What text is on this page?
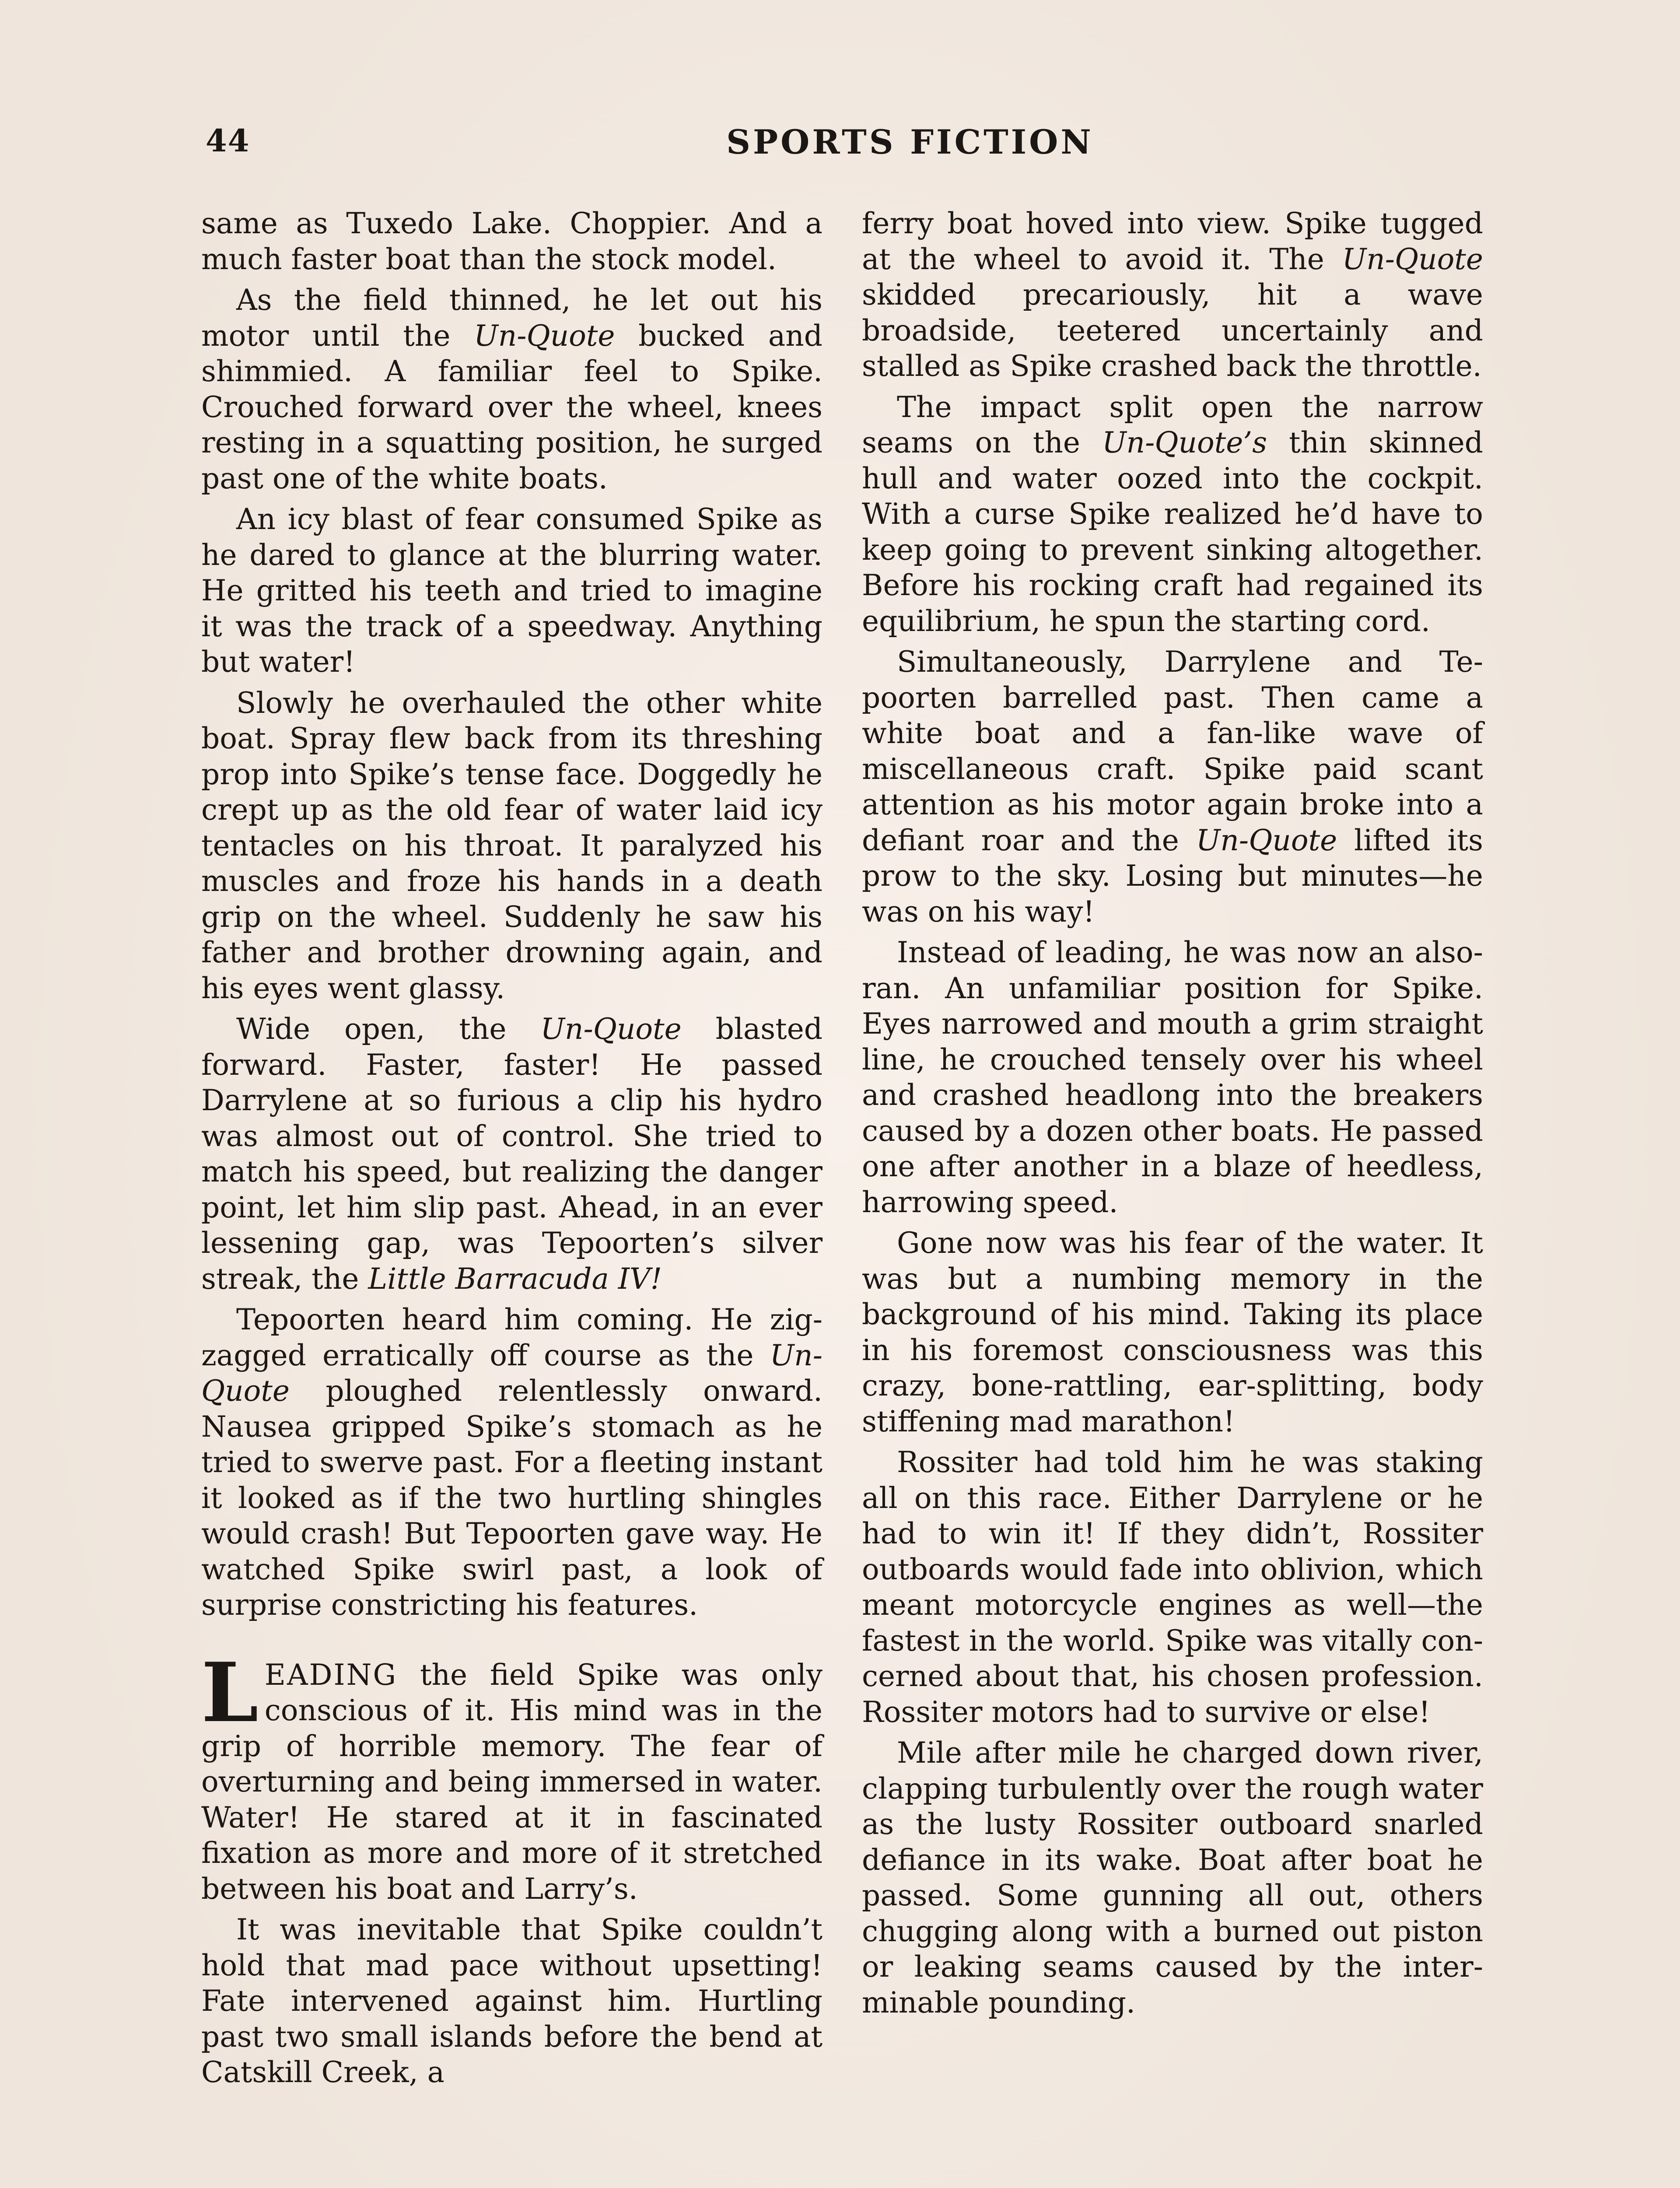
44	SPORTS FICTION

same as Tuxedo Lake. Choppier. And a much faster boat than the stock model.

As the field thinned, he let out his motor until the Un-Quote bucked and shimmied. A familiar feel to Spike. Crouched forward over the wheel, knees resting in a squatting position, he surged past one of the white boats.

An icy blast of fear consumed Spike as he dared to glance at the blurring water. He gritted his teeth and tried to imagine it was the track of a speedway. Anything but water!

Slowly he overhauled the other white boat. Spray flew back from its threshing prop into Spike’s tense face. Doggedly he crept up as the old fear of water laid icy tentacles on his throat. It paralyzed his muscles and froze his hands in a death grip on the wheel. Suddenly he saw his father and brother drowning again, and his eyes went glassy.

Wide open, the Un-Quote blasted forward. Faster, faster! He passed Darrylene at so furious a clip his hydro was almost out of control. She tried to match his speed, but realizing the danger point, let him slip past. Ahead, in an ever lessening gap, was Tepoorten’s silver streak, the Little Barracuda IV!

Tepoorten heard him coming. He zig-zagged erratically off course as the Un-Quote ploughed relentlessly onward. Nausea gripped Spike’s stomach as he tried to swerve past. For a fleeting instant it looked as if the two hurtling shingles would crash! But Tepoorten gave way. He watched Spike swirl past, a look of surprise constricting his features.

LEADING the field Spike was only conscious of it. His mind was in the grip of horrible memory. The fear of overturning and being immersed in water. Water! He stared at it in fascinated fixation as more and more of it stretched between his boat and Larry’s.

It was inevitable that Spike couldn’t hold that mad pace without upsetting! Fate intervened against him. Hurtling past two small islands before the bend at Catskill Creek, a

ferry boat hoved into view. Spike tugged at the wheel to avoid it. The Un-Quote skidded precariously, hit a wave broadside, teetered uncertainly and stalled as Spike crashed back the throttle.

The impact split open the narrow seams on the Un-Quote’s thin skinned hull and water oozed into the cockpit. With a curse Spike realized he’d have to keep going to prevent sinking altogether. Before his rocking craft had regained its equilibrium, he spun the starting cord.

Simultaneously, Darrylene and Tepoorten barrelled past. Then came a white boat and a fan-like wave of miscellaneous craft. Spike paid scant attention as his motor again broke into a defiant roar and the Un-Quote lifted its prow to the sky. Losing but minutes—he was on his way!

Instead of leading, he was now an also-ran. An unfamiliar position for Spike. Eyes narrowed and mouth a grim straight line, he crouched tensely over his wheel and crashed headlong into the breakers caused by a dozen other boats. He passed one after another in a blaze of heedless, harrowing speed.

Gone now was his fear of the water. It was but a numbing memory in the background of his mind. Taking its place in his foremost consciousness was this crazy, bone-rattling, ear-splitting, body stiffening mad marathon!

Rossiter had told him he was staking all on this race. Either Darrylene or he had to win it! If they didn’t, Rossiter outboards would fade into oblivion, which meant motorcycle engines as well—the fastest in the world. Spike was vitally concerned about that, his chosen profession. Rossiter motors had to survive or else!

Mile after mile he charged down river, clapping turbulently over the rough water as the lusty Rossiter outboard snarled defiance in its wake. Boat after boat he passed. Some gunning all out, others chugging along with a burned out piston or leaking seams caused by the interminable pounding.
